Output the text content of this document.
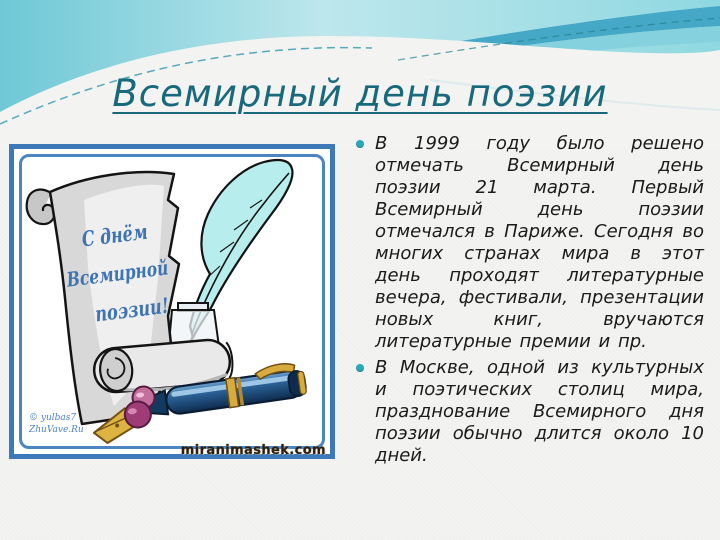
Всемирный день поэзии
С днём
Всемирной
поэзии!
© yulbas7
ZhuVave.Ru
miranimashek.com
В 1999 году было решено отмечать Всемирный день поэзии 21 марта. Первый Всемирный день поэзии отмечался в Париже. Сегодня во многих странах мира в этот день проходят литературные вечера, фестивали, презентации новых книг, вручаются литературные премии и пр.
В Москве, одной из культурных и поэтических столиц мира, празднование Всемирного дня поэзии обычно длится около 10 дней.
